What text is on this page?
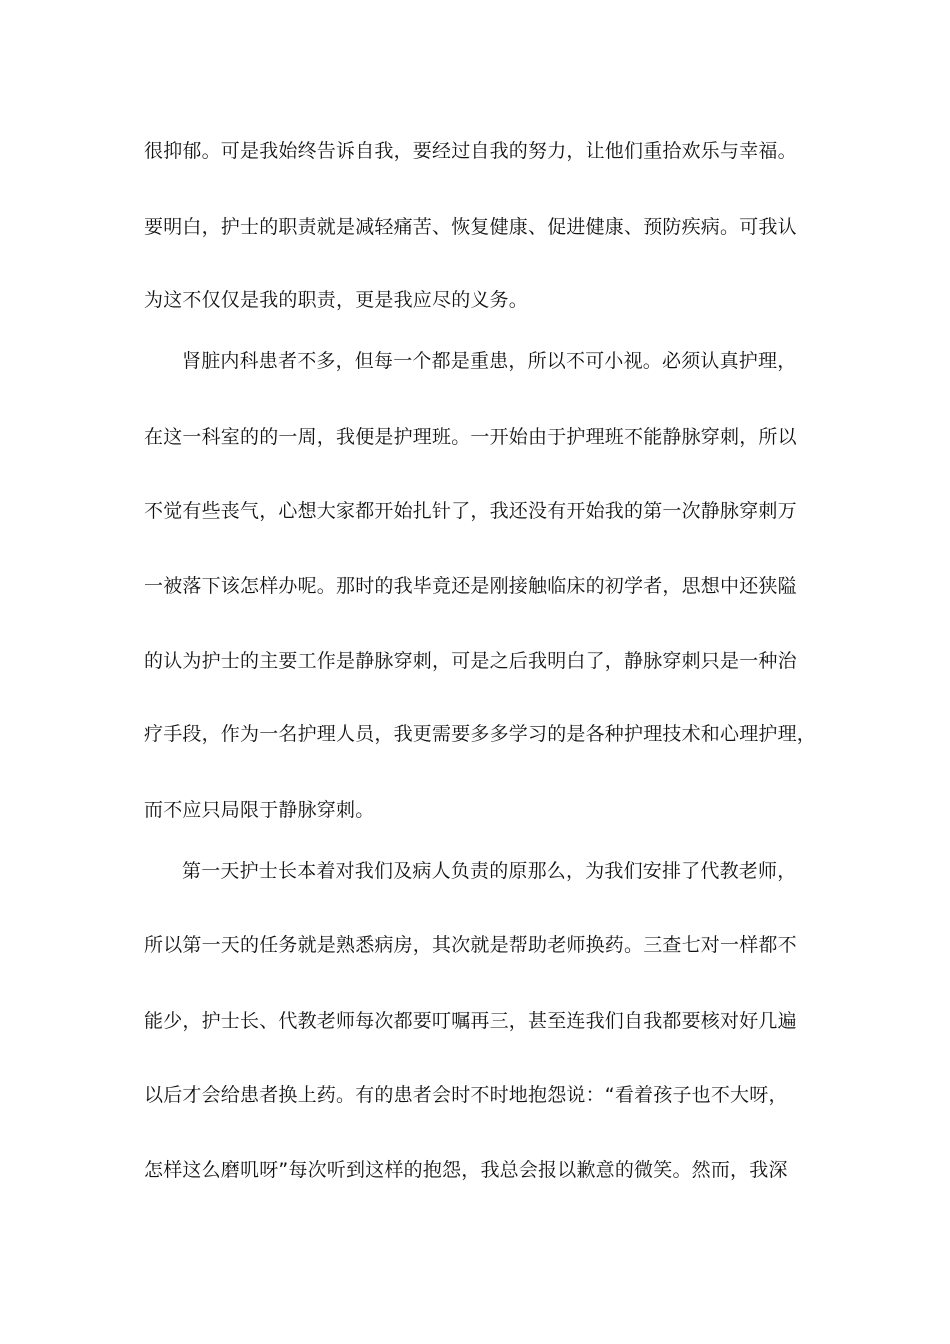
很抑郁。可是我始终告诉自我，要经过自我的努力，让他们重拾欢乐与幸福。
要明白，护士的职责就是减轻痛苦、恢复健康、促进健康、预防疾病。可我认
为这不仅仅是我的职责，更是我应尽的义务。
肾脏内科患者不多，但每一个都是重患，所以不可小视。必须认真护理，
在这一科室的的一周，我便是护理班。一开始由于护理班不能静脉穿刺，所以
不觉有些丧气，心想大家都开始扎针了，我还没有开始我的第一次静脉穿刺万
一被落下该怎样办呢。那时的我毕竟还是刚接触临床的初学者，思想中还狭隘
的认为护士的主要工作是静脉穿刺，可是之后我明白了，静脉穿刺只是一种治
疗手段，作为一名护理人员，我更需要多多学习的是各种护理技术和心理护理，
而不应只局限于静脉穿刺。
第一天护士长本着对我们及病人负责的原那么，为我们安排了代教老师，
所以第一天的任务就是熟悉病房，其次就是帮助老师换药。三查七对一样都不
能少，护士长、代教老师每次都要叮嘱再三，甚至连我们自我都要核对好几遍
以后才会给患者换上药。有的患者会时不时地抱怨说：“看着孩子也不大呀，
怎样这么磨叽呀”每次听到这样的抱怨，我总会报以歉意的微笑。然而，我深
